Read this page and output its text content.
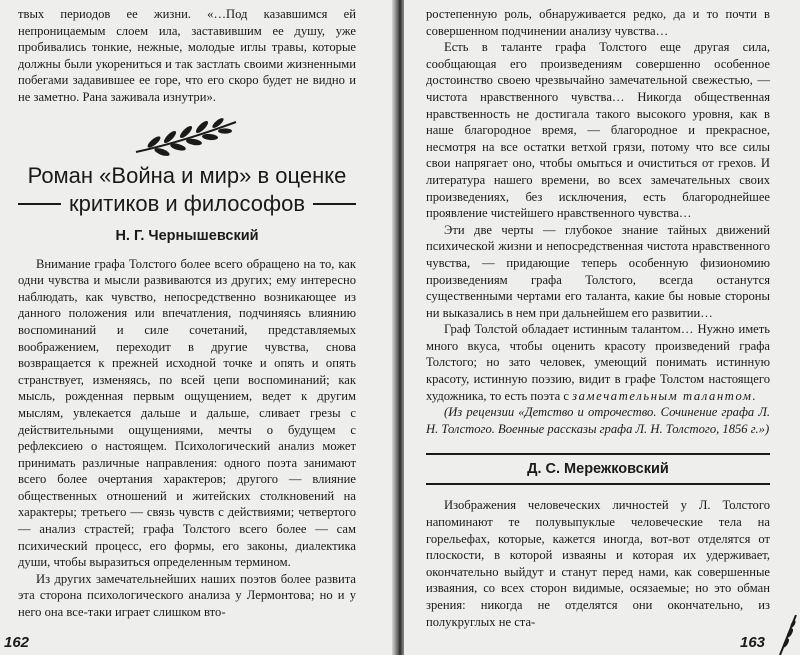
твых периодов ее жизни. «…Под казавшимся ей непроницаемым слоем ила, заставившим ее душу, уже пробивались тонкие, нежные, молодые иглы травы, которые должны были укорениться и так застлать своими жизненными побегами задавившее ее горе, что его скоро будет не видно и не заметно. Рана заживала изнутри».

Роман «Война и мир» в оценке
критиков и философов
Н. Г. Чернышевский

Внимание графа Толстого более всего обращено на то, как одни чувства и мысли развиваются из других; ему интересно наблюдать, как чувство, непосредственно возникающее из данного положения или впечатления, подчиняясь влиянию воспоминаний и силе сочетаний, представляемых воображением, переходит в другие чувства, снова возвращается к прежней исходной точке и опять и опять странствует, изменяясь, по всей цепи воспоминаний; как мысль, рожденная первым ощущением, ведет к другим мыслям, увлекается дальше и дальше, сливает грезы с действительными ощущениями, мечты о будущем с рефлексиею о настоящем. Психологический анализ может принимать различные направления: одного поэта занимают всего более очертания характеров; другого — влияние общественных отношений и житейских столкновений на характеры; третьего — связь чувств с действиями; четвертого — анализ страстей; графа Толстого всего более — сам психический процесс, его формы, его законы, диалектика души, чтобы выразиться определенным термином.

Из других замечательнейших наших поэтов более развита эта сторона психологического анализа у Лермонтова; но и у него она все-таки играет слишком вто-

162

ростепенную роль, обнаруживается редко, да и то почти в совершенном подчинении анализу чувства…

Есть в таланте графа Толстого еще другая сила, сообщающая его произведениям совершенно особенное достоинство своею чрезвычайно замечательной свежестью, — чистота нравственного чувства… Никогда общественная нравственность не достигала такого высокого уровня, как в наше благородное время, — благородное и прекрасное, несмотря на все остатки ветхой грязи, потому что все силы свои напрягает оно, чтобы омыться и очиститься от грехов. И литература нашего времени, во всех замечательных своих произведениях, без исключения, есть благороднейшее проявление чистейшего нравственного чувства…

Эти две черты — глубокое знание тайных движений психической жизни и непосредственная чистота нравственного чувства, — придающие теперь особенную физиономию произведениям графа Толстого, всегда останутся существенными чертами его таланта, какие бы новые стороны ни выказались в нем при дальнейшем его развитии…

Граф Толстой обладает истинным талантом… Нужно иметь много вкуса, чтобы оценить красоту произведений графа Толстого; но зато человек, умеющий понимать истинную красоту, истинную поэзию, видит в графе Толстом настоящего художника, то есть поэта с замечательным талантом.

(Из рецензии «Детство и отрочество. Сочинение графа Л. Н. Толстого. Военные рассказы графа Л. Н. Толстого, 1856 г.»)

Д. С. Мережковский

Изображения человеческих личностей у Л. Толстого напоминают те полувыпуклые человеческие тела на горельефах, которые, кажется иногда, вот-вот отделятся от плоскости, в которой изваяны и которая их удерживает, окончательно выйдут и станут перед нами, как совершенные изваяния, со всех сторон видимые, осязаемые; но это обман зрения: никогда не отделятся они окончательно, из полукруглых не ста-

163
